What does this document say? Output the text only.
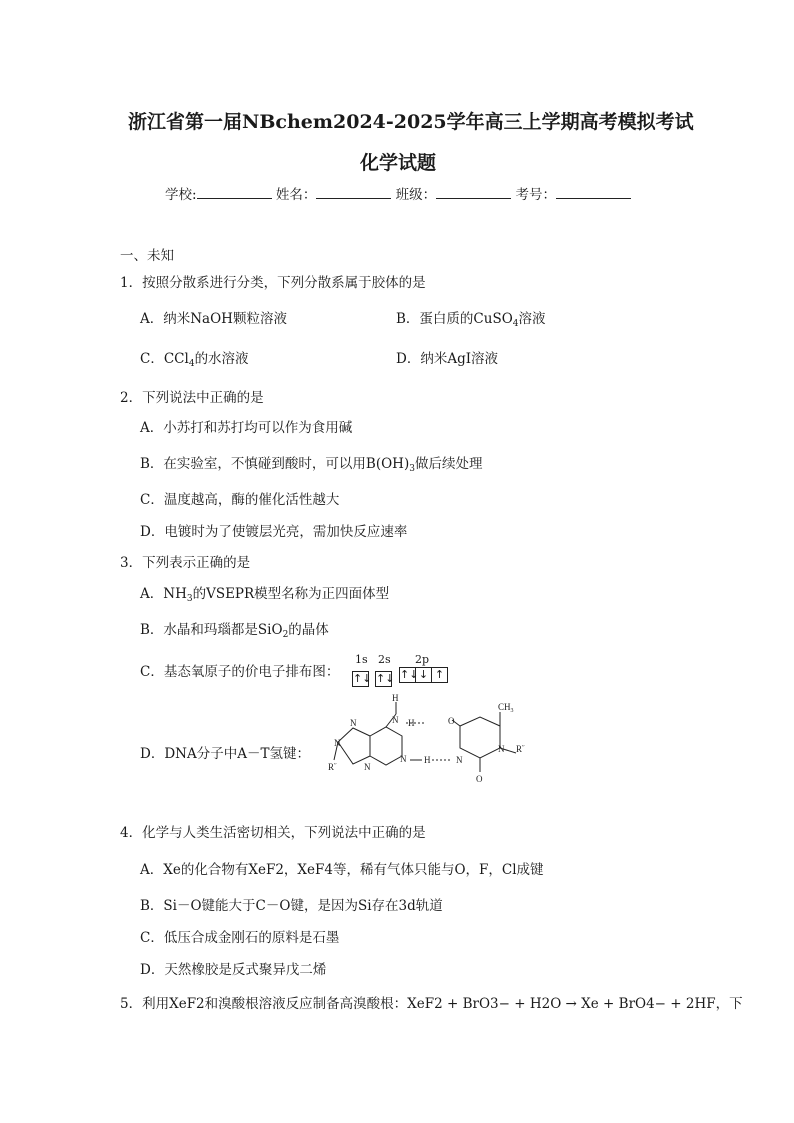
浙江省第一届NBchem2024-2025学年高三上学期高考模拟考试
化学试题
学校:	姓名：	班级：	考号：
一、未知
1．按照分散系进行分类，下列分散系属于胶体的是
A．纳米NaOH颗粒溶液	B．蛋白质的CuSO$_4$溶液
C．CCl$_4$的水溶液	D．纳米AgI溶液
2．下列说法中正确的是
A．小苏打和苏打均可以作为食用碱
B．在实验室，不慎碰到酸时，可以用$B(OH)_3$做后续处理
C．温度越高，酶的催化活性越大
D．电镀时为了使镀层光亮，需加快反应速率
3．下列表示正确的是
A．$NH_3$的VSEPR模型名称为正四面体型
B．水晶和玛瑙都是SiO$_2$的晶体
C．基态氧原子的价电子排布图：
1s 2s 2p
↑↓ ↑↓ ↑↓ ↓ ↑
D．DNA分子中A－T氢键：
H
N H	O
$CH_3$
N
N
N
N H	N
N
O
R′′
R′′
4．化学与人类生活密切相关，下列说法中正确的是
A．Xe的化合物有XeF2，XeF4等，稀有气体只能与O，F，Cl成键
B．Si－O键能大于C－O键，是因为Si存在3d轨道
C．低压合成金刚石的原料是石墨
D．天然橡胶是反式聚异戊二烯
5．利用XeF2和溴酸根溶液反应制备高溴酸根：XeF2 + BrO3− + H2O → Xe + BrO4− + 2HF，下
